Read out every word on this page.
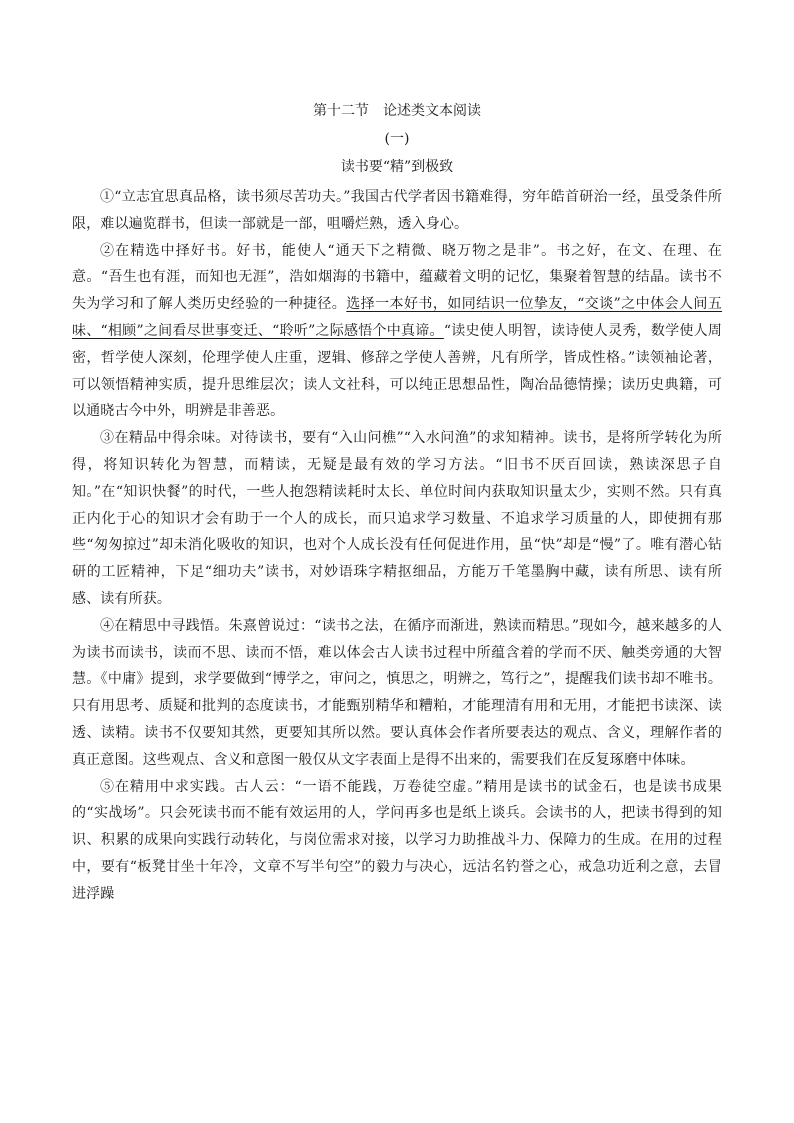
第十二节　论述类文本阅读
(一)
读书要“精”到极致

①“立志宜思真品格，读书须尽苦功夫。”我国古代学者因书籍难得，穷年皓首研治一经，虽受条件所限，难以遍览群书，但读一部就是一部，咀嚼烂熟，透入身心。

②在精选中择好书。好书，能使人“通天下之精微、晓万物之是非”。书之好，在文、在理、在意。“吾生也有涯，而知也无涯”，浩如烟海的书籍中，蕴藏着文明的记忆，集聚着智慧的结晶。读书不失为学习和了解人类历史经验的一种捷径。选择一本好书，如同结识一位挚友，“交谈”之中体会人间五味、“相顾”之间看尽世事变迁、“聆听”之际感悟个中真谛。“读史使人明智，读诗使人灵秀，数学使人周密，哲学使人深刻，伦理学使人庄重，逻辑、修辞之学使人善辨，凡有所学，皆成性格。”读领袖论著，可以领悟精神实质，提升思维层次；读人文社科，可以纯正思想品性，陶冶品德情操；读历史典籍，可以通晓古今中外，明辨是非善恶。

③在精品中得余味。对待读书，要有“入山问樵”“入水问渔”的求知精神。读书，是将所学转化为所得，将知识转化为智慧，而精读，无疑是最有效的学习方法。“旧书不厌百回读，熟读深思子自知。”在“知识快餐”的时代，一些人抱怨精读耗时太长、单位时间内获取知识量太少，实则不然。只有真正内化于心的知识才会有助于一个人的成长，而只追求学习数量、不追求学习质量的人，即使拥有那些“匆匆掠过”却未消化吸收的知识，也对个人成长没有任何促进作用，虽“快”却是“慢”了。唯有潜心钻研的工匠精神，下足“细功夫”读书，对妙语珠字精抠细品，方能万千笔墨胸中藏，读有所思、读有所感、读有所获。

④在精思中寻践悟。朱熹曾说过：“读书之法，在循序而渐进，熟读而精思。”现如今，越来越多的人为读书而读书，读而不思、读而不悟，难以体会古人读书过程中所蕴含着的学而不厌、触类旁通的大智慧。《中庸》提到，求学要做到“博学之，审问之，慎思之，明辨之，笃行之”，提醒我们读书却不唯书。只有用思考、质疑和批判的态度读书，才能甄别精华和糟粕，才能理清有用和无用，才能把书读深、读透、读精。读书不仅要知其然，更要知其所以然。要认真体会作者所要表达的观点、含义，理解作者的真正意图。这些观点、含义和意图一般仅从文字表面上是得不出来的，需要我们在反复琢磨中体味。

⑤在精用中求实践。古人云：“一语不能践，万卷徒空虚。”精用是读书的试金石，也是读书成果的“实战场”。只会死读书而不能有效运用的人，学问再多也是纸上谈兵。会读书的人，把读书得到的知识、积累的成果向实践行动转化，与岗位需求对接，以学习力助推战斗力、保障力的生成。在用的过程中，要有“板凳甘坐十年冷，文章不写半句空”的毅力与决心，远沽名钓誉之心，戒急功近利之意，去冒进浮躁
